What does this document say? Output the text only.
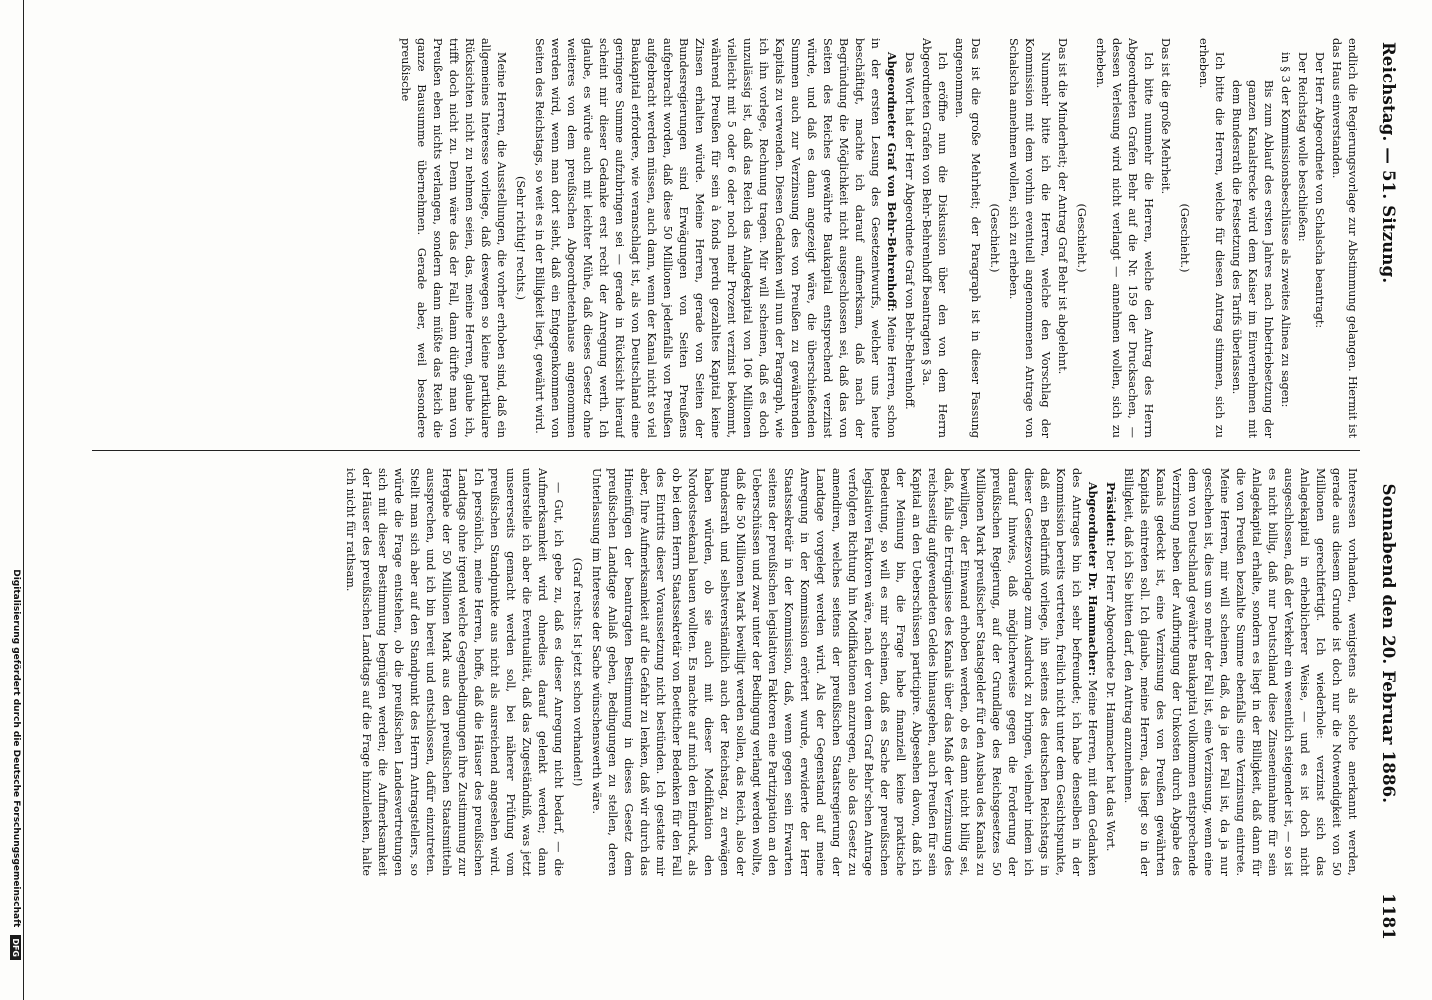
Reichstag. — 51. Sitzung.
Sonnabend den 20. Februar 1886.
1181

endlich die Regierungsvorlage zur Abstimmung gelangen. Hiermit ist das Haus einverstanden.

Der Herr Abgeordnete von Schalscha beantragt:

Der Reichstag wolle beschließen:

in § 3 der Kommissionsbeschlüsse als zweites Alinea zu sagen:

Bis zum Ablauf des ersten Jahres nach Inbetriebsetzung der ganzen Kanalstrecke wird dem Kaiser im Einvernehmen mit dem Bundesrath die Festsetzung des Tarifs überlassen.

Ich bitte die Herren, welche für diesen Antrag stimmen, sich zu erheben.

(Geschieht.)

Das ist die große Mehrheit.

Ich bitte nunmehr die Herren, welche den Antrag des Herrn Abgeordneten Grafen Behr auf die Nr. 159 der Drucksachen, — dessen Verlesung wird nicht verlangt — annehmen wollen, sich zu erheben.

(Geschieht.)

Das ist die Minderheit; der Antrag Graf Behr ist abgelehnt.

Nunmehr bitte ich die Herren, welche den Vorschlag der Kommission mit dem vorhin eventuell angenommenen Antrage von Schalscha annehmen wollen, sich zu erheben.

(Geschieht.)

Das ist die große Mehrheit; der Paragraph ist in dieser Fassung angenommen.

Ich eröffne nun die Diskussion über den von dem Herrn Abgeordneten Grafen von Behr-Behrenhoff beantragten § 3a.

Das Wort hat der Herr Abgeordnete Graf von Behr-Behrenhoff.

Abgeordneter Graf von Behr-Behrenhoff: Meine Herren, schon in der ersten Lesung des Gesetzentwurfs, welcher uns heute beschäftigt, machte ich darauf aufmerksam, daß nach der Begründung die Möglichkeit nicht ausgeschlossen sei, daß das von Seiten des Reiches gewährte Baukapital entsprechend verzinst würde, und daß es dann angezeigt wäre, die überschießenden Summen auch zur Verzinsung des von Preußen zu gewährenden Kapitals zu verwenden. Diesen Gedanken will nun der Paragraph, wie ich ihn vorlege, Rechnung tragen. Mir will scheinen, daß es doch unzulässig ist, daß das Reich das Anlagekapital von 106 Millionen vielleicht mit 5 oder 6 oder noch mehr Prozent verzinst bekommt, während Preußen für sein à fonds perdu gezahltes Kapital keine Zinsen erhalten würde. Meine Herren, gerade von Seiten der Bundesregierungen sind Erwägungen von Seiten Preußens aufgebracht worden, daß diese 50 Millionen jedenfalls von Preußen aufgebracht werden müssen, auch dann, wenn der Kanal nicht so viel Baukapital erfordere, wie veranschlagt ist, als von Deutschland eine geringere Summe aufzubringen sei — gerade in Rücksicht hierauf scheint mir dieser Gedanke erst recht der Anregung werth. Ich glaube, es würde auch mit leichter Mühe, daß dieses Gesetz ohne weiteres von dem preußischen Abgeordnetenhause angenommen werden wird, wenn man dort sieht, daß ein Entgegenkommen von Seiten des Reichstags, so weit es in der Billigkeit liegt, gewährt wird.

(Sehr richtig! rechts.)

Meine Herren, die Ausstellungen, die vorher erhoben sind, daß ein allgemeines Interesse vorliege, daß deswegen so kleine partikulare Rücksichten nicht zu nehmen seien, das, meine Herren, glaube ich, trifft doch nicht zu. Denn wäre das der Fall, dann dürfte man von Preußen eben nichts verlangen, sondern dann müßte das Reich die ganze Bausumme übernehmen. Gerade aber, weil besondere preußische

Interessen vorhanden, wenigstens als solche anerkannt werden, gerade aus diesem Grunde ist doch nur die Notwendigkeit von 50 Millionen gerechtfertigt. Ich wiederhole: verzinst sich das Anlagekapital in erheblicherer Weise, — und es ist doch nicht ausgeschlossen, daß der Verkehr ein wesentlich steigender ist, — so ist es nicht billig, daß nur Deutschland diese Zinseneinnahme für sein Anlagekapital erhalte, sondern es liegt in der Billigkeit, daß dann für die von Preußen bezahlte Summe ebenfalls eine Verzinsung eintrete. Meine Herren, mir will scheinen, daß, da ja der Fall ist, da ja nur geschehen ist, dies um so mehr der Fall ist, eine Verzinsung, wenn eine dem von Deutschland gewährte Baukapital vollkommen entsprechende Verzinsung neben der Aufbringung der Unkosten durch Abgabe des Kanals gedeckt ist, eine Verzinsung des von Preußen gewährten Kapitals eintreten soll. Ich glaube, meine Herren, das liegt so in der Billigkeit, daß ich Sie bitten darf, den Antrag anzunehmen.

Präsident: Der Herr Abgeordnete Dr. Hammacher hat das Wort.

Abgeordneter Dr. Hammacher: Meine Herren, mit dem Gedanken des Antrages bin ich sehr befreundet; ich habe denselben in der Kommission bereits vertreten, freilich nicht unter dem Gesichtspunkte, daß ein Bedürfniß vorliege, ihn seitens des deutschen Reichstags in dieser Gesetzesvorlage zum Ausdruck zu bringen, vielmehr indem ich darauf hinwies, daß möglicherweise gegen die Forderung der preußischen Regierung, auf der Grundlage des Reichsgesetzes 50 Millionen Mark preußischer Staatsgelder für den Ausbau des Kanals zu bewilligen, der Einwand erhoben werden, ob es dann nicht billig sei, daß, falls die Erträgnisse des Kanals über das Maß der Verzinsung des reichsseitig aufgewendeten Geldes hinausgehen, auch Preußen für sein Kapital an den Ueberschüssen participire. Abgesehen davon, daß ich der Meinung bin, die Frage habe finanziell keine praktische Bedeutung, so will es mir scheinen, daß es Sache der preußischen legislativen Faktoren wäre, nach der von dem Graf Behr'schen Antrage verfolgten Richtung hin Modifikationen anzuregen, also das Gesetz zu amendiren, welches seitens der preußischen Staatsregierung der Landtage vorgelegt werden wird. Als der Gegenstand auf meine Anregung in der Kommission erörtert wurde, erwiderte der Herr Staatssekretär in der Kommission, daß, wenn gegen sein Erwarten seitens der preußischen legislativen Faktoren eine Partizipation an den Ueberschüssen und zwar unter der Bedingung verlangt werden wollte, daß die 50 Millionen Mark bewilligt werden sollen, das Reich, also der Bundesrath und selbstverständlich auch der Reichstag, zu erwägen haben würden, ob sie auch mit dieser Modifikation den Nordostseekanal bauen wollten. Es machte auf mich den Eindruck, als ob bei dem Herrn Staatssekretär von Boetticher Bedenken für den Fall des Eintritts dieser Voraussetzung nicht bestünden. Ich gestatte mir aber, Ihre Aufmerksamkeit auf die Gefahr zu lenken, daß wir durch das Hineinfügen der beantragten Bestimmung in dieses Gesetz dem preußischen Landtage Anlaß geben, Bedingungen zu stellen, deren Unterlassung im Interesse der Sache wünschenswerth wäre.

(Graf rechts: Ist jetzt schon vorhanden!)

— Gut, ich gebe zu, daß es dieser Anregung nicht bedarf, — die Aufmerksamkeit wird ohnedies darauf gelenkt werden; dann unterstelle ich aber die Eventualität, daß das Zugeständniß, was jetzt unsererseits gemacht werden soll, bei näherer Prüfung vom preußischen Standpunkte aus nicht als ausreichend angesehen wird. Ich persönlich, meine Herren, hoffe, daß die Häuser des preußischen Landtags ohne irgend welche Gegenbedingungen ihre Zustimmung zur Hergabe der 50 Millionen Mark aus den preußischen Staatsmitteln aussprechen, und ich bin bereit und entschlossen, dafür einzutreten. Stellt man sich aber auf den Standpunkt des Herrn Antragstellers, so würde die Frage entstehen, ob die preußischen Landesvertretungen sich mit dieser Bestimmung begnügen werden; die Aufmerksamkeit der Häuser des preußischen Landtags auf die Frage hinzulenken, halte ich nicht für rathsam.

Digitalisierung gefördert durch die Deutsche Forschungsgemeinschaft
DFG
